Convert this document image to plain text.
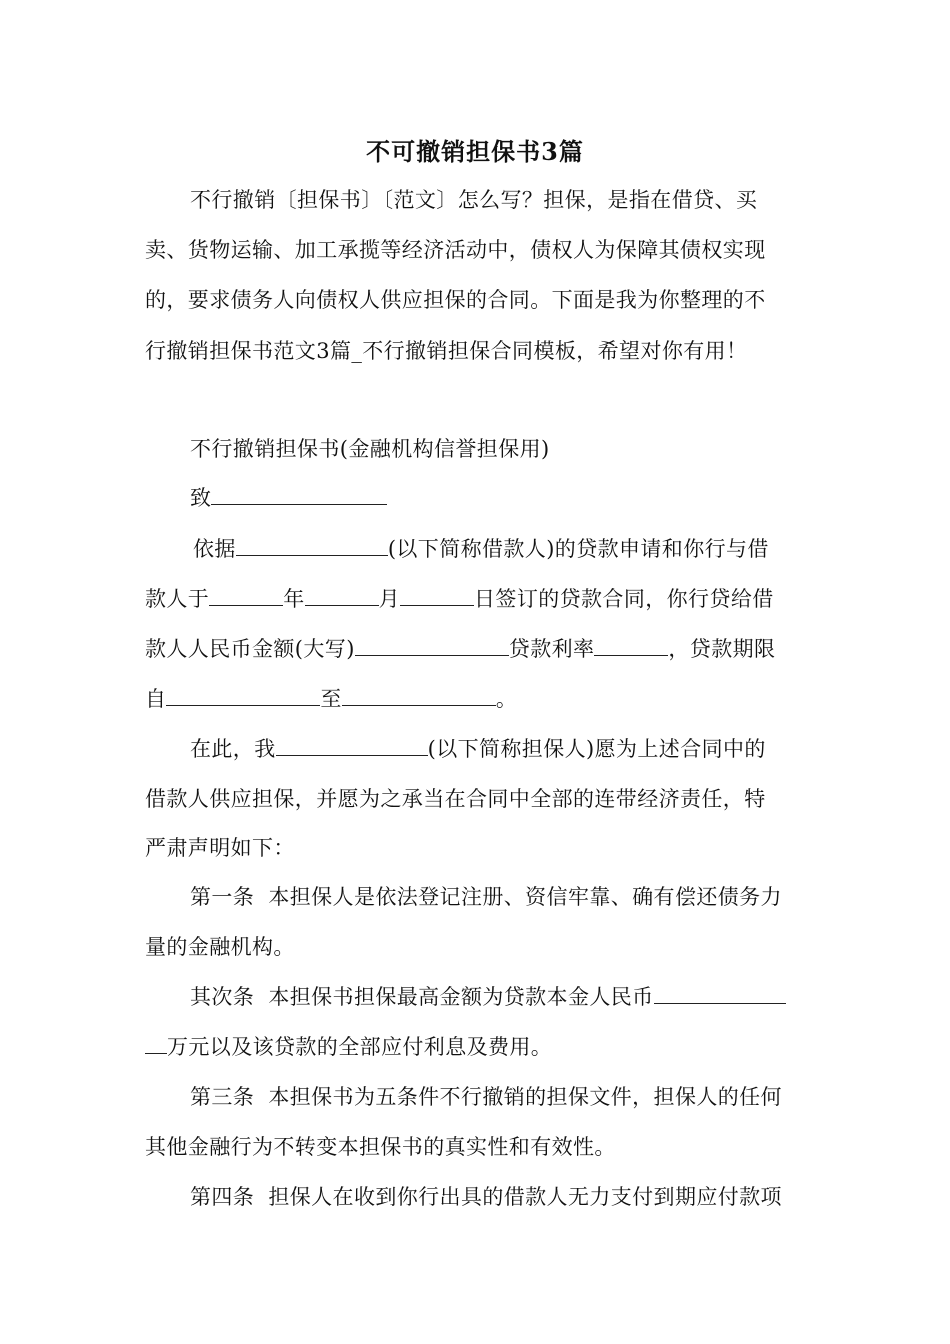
不可撤销担保书3篇
不行撤销〔担保书〕〔范文〕怎么写？担保，是指在借贷、买
卖、货物运输、加工承揽等经济活动中，债权人为保障其债权实现
的，要求债务人向债权人供应担保的合同。下面是我为你整理的不
行撤销担保书范文3篇_不行撤销担保合同模板，希望对你有用！
不行撤销担保书(金融机构信誉担保用)
致
依据	(以下简称借款人)的贷款申请和你行与借
款人于	年	月	日签订的贷款合同，你行贷给借
款人人民币金额(大写)	贷款利率	，贷款期限
自	至	。
在此，我	(以下简称担保人)愿为上述合同中的
借款人供应担保，并愿为之承当在合同中全部的连带经济责任，特
严肃声明如下：
第一条  本担保人是依法登记注册、资信牢靠、确有偿还债务力
量的金融机构。
其次条  本担保书担保最高金额为贷款本金人民币
万元以及该贷款的全部应付利息及费用。
第三条  本担保书为五条件不行撤销的担保文件，担保人的任何
其他金融行为不转变本担保书的真实性和有效性。
第四条  担保人在收到你行出具的借款人无力支付到期应付款项
